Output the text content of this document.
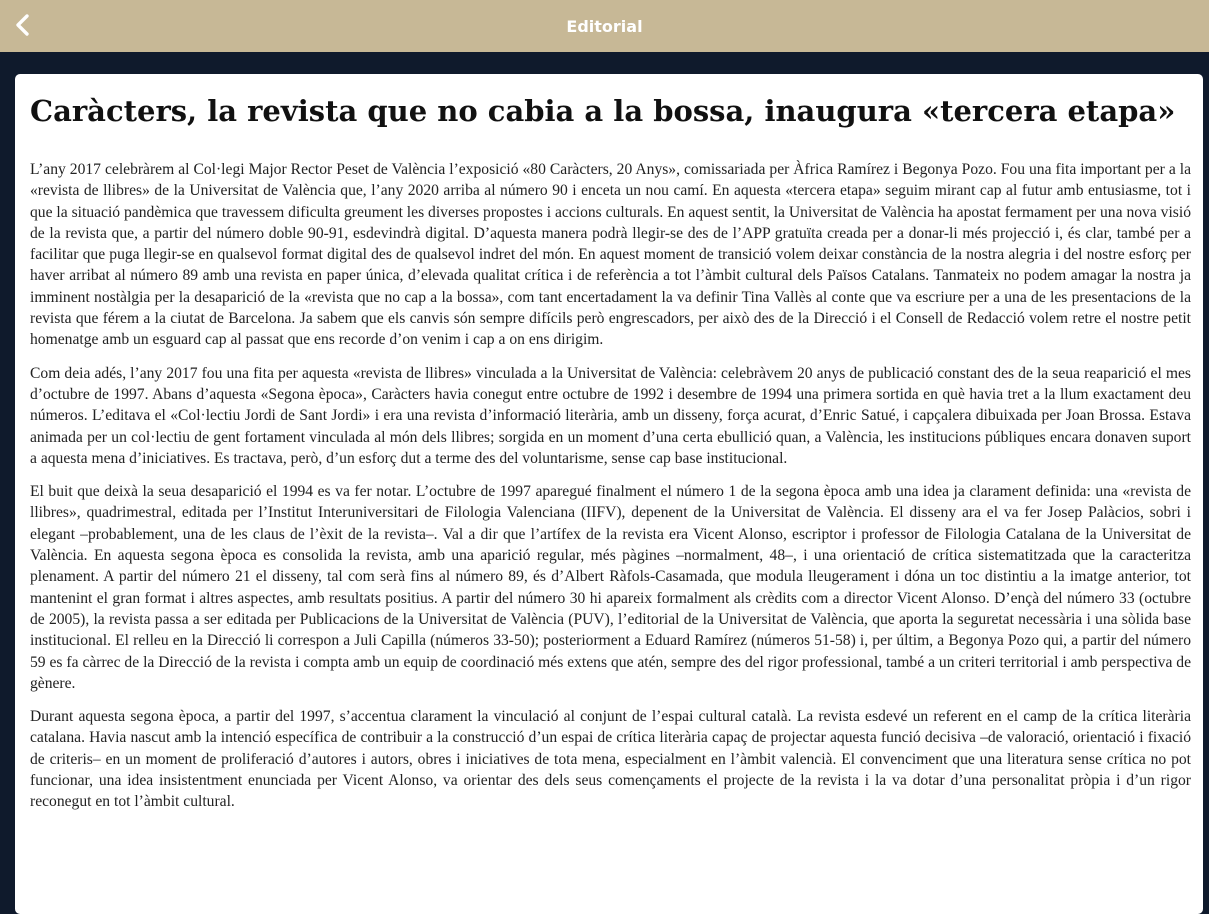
Editorial
Caràcters, la revista que no cabia a la bossa, inaugura «tercera etapa»

L’any 2017 celebràrem al Col·legi Major Rector Peset de València l’exposició «80 Caràcters, 20 Anys», comissariada per Àfrica Ramírez i Begonya Pozo. Fou una fita important per a la «revista de llibres» de la Universitat de València que, l’any 2020 arriba al número 90 i enceta un nou camí. En aquesta «tercera etapa» seguim mirant cap al futur amb entusiasme, tot i que la situació pandèmica que travessem dificulta greument les diverses propostes i accions culturals. En aquest sentit, la Universitat de València ha apostat fermament per una nova visió de la revista que, a partir del número doble 90-91, esdevindrà digital. D’aquesta manera podrà llegir-se des de l’APP gratuïta creada per a donar-li més projecció i, és clar, també per a facilitar que puga llegir-se en qualsevol format digital des de qualsevol indret del món. En aquest moment de transició volem deixar constància de la nostra alegria i del nostre esforç per haver arribat al número 89 amb una revista en paper única, d’elevada qualitat crítica i de referència a tot l’àmbit cultural dels Països Catalans. Tanmateix no podem amagar la nostra ja imminent nostàlgia per la desaparició de la «revista que no cap a la bossa», com tant encertadament la va definir Tina Vallès al conte que va escriure per a una de les presentacions de la revista que férem a la ciutat de Barcelona. Ja sabem que els canvis són sempre difícils però engrescadors, per això des de la Direcció i el Consell de Redacció volem retre el nostre petit homenatge amb un esguard cap al passat que ens recorde d’on venim i cap a on ens dirigim.

Com deia adés, l’any 2017 fou una fita per aquesta «revista de llibres» vinculada a la Universitat de València: celebràvem 20 anys de publicació constant des de la seua reaparició el mes d’octubre de 1997. Abans d’aquesta «Segona època», Caràcters havia conegut entre octubre de 1992 i desembre de 1994 una primera sortida en què havia tret a la llum exactament deu números. L’editava el «Col·lectiu Jordi de Sant Jordi» i era una revista d’informació literària, amb un disseny, força acurat, d’Enric Satué, i capçalera dibuixada per Joan Brossa. Estava animada per un col·lectiu de gent fortament vinculada al món dels llibres; sorgida en un moment d’una certa ebullició quan, a València, les institucions públiques encara donaven suport a aquesta mena d’iniciatives. Es tractava, però, d’un esforç dut a terme des del voluntarisme, sense cap base institucional.

El buit que deixà la seua desaparició el 1994 es va fer notar. L’octubre de 1997 aparegué finalment el número 1 de la segona època amb una idea ja clarament definida: una «revista de llibres», quadrimestral, editada per l’Institut Interuniversitari de Filologia Valenciana (IIFV), depenent de la Universitat de València. El disseny ara el va fer Josep Palàcios, sobri i elegant –probablement, una de les claus de l’èxit de la revista–. Val a dir que l’artífex de la revista era Vicent Alonso, escriptor i professor de Filologia Catalana de la Universitat de València. En aquesta segona època es consolida la revista, amb una aparició regular, més pàgines –normalment, 48–, i una orientació de crítica sistematitzada que la caracteritza plenament. A partir del número 21 el disseny, tal com serà fins al número 89, és d’Albert Ràfols-Casamada, que modula lleugerament i dóna un toc distintiu a la imatge anterior, tot mantenint el gran format i altres aspectes, amb resultats positius. A partir del número 30 hi apareix formalment als crèdits com a director Vicent Alonso. D’ençà del número 33 (octubre de 2005), la revista passa a ser editada per Publicacions de la Universitat de València (PUV), l’editorial de la Universitat de València, que aporta la seguretat necessària i una sòlida base institucional. El relleu en la Direcció li correspon a Juli Capilla (números 33-50); posteriorment a Eduard Ramírez (números 51-58) i, per últim, a Begonya Pozo qui, a partir del número 59 es fa càrrec de la Direcció de la revista i compta amb un equip de coordinació més extens que atén, sempre des del rigor professional, també a un criteri territorial i amb perspectiva de gènere.

Durant aquesta segona època, a partir del 1997, s’accentua clarament la vinculació al conjunt de l’espai cultural català. La revista esdevé un referent en el camp de la crítica literària catalana. Havia nascut amb la intenció específica de contribuir a la construcció d’un espai de crítica literària capaç de projectar aquesta funció decisiva –de valoració, orientació i fixació de criteris– en un moment de proliferació d’autores i autors, obres i iniciatives de tota mena, especialment en l’àmbit valencià. El convenciment que una literatura sense crítica no pot funcionar, una idea insistentment enunciada per Vicent Alonso, va orientar des dels seus començaments el projecte de la revista i la va dotar d’una personalitat pròpia i d’un rigor reconegut en tot l’àmbit cultural.
